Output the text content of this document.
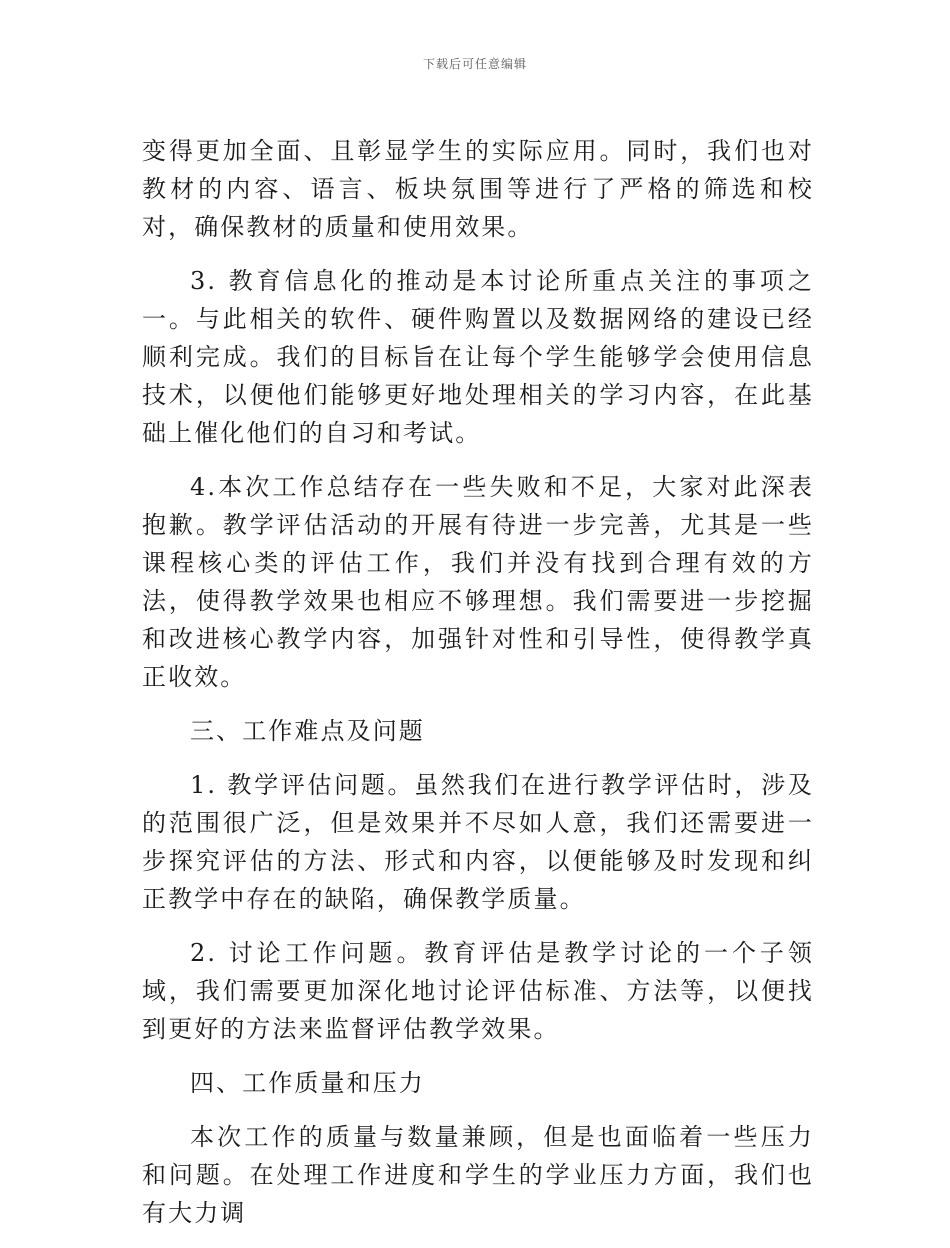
下载后可任意编辑

变得更加全面、且彰显学生的实际应用。同时，我们也对教材的内容、语言、板块氛围等进行了严格的筛选和校对，确保教材的质量和使用效果。

3. 教育信息化的推动是本讨论所重点关注的事项之一。与此相关的软件、硬件购置以及数据网络的建设已经顺利完成。我们的目标旨在让每个学生能够学会使用信息技术，以便他们能够更好地处理相关的学习内容，在此基础上催化他们的自习和考试。

4.本次工作总结存在一些失败和不足，大家对此深表抱歉。教学评估活动的开展有待进一步完善，尤其是一些课程核心类的评估工作，我们并没有找到合理有效的方法，使得教学效果也相应不够理想。我们需要进一步挖掘和改进核心教学内容，加强针对性和引导性，使得教学真正收效。

三、工作难点及问题

1. 教学评估问题。虽然我们在进行教学评估时，涉及的范围很广泛，但是效果并不尽如人意，我们还需要进一步探究评估的方法、形式和内容，以便能够及时发现和纠正教学中存在的缺陷，确保教学质量。

2. 讨论工作问题。教育评估是教学讨论的一个子领域，我们需要更加深化地讨论评估标准、方法等，以便找到更好的方法来监督评估教学效果。

四、工作质量和压力

本次工作的质量与数量兼顾，但是也面临着一些压力和问题。在处理工作进度和学生的学业压力方面，我们也有大力调
